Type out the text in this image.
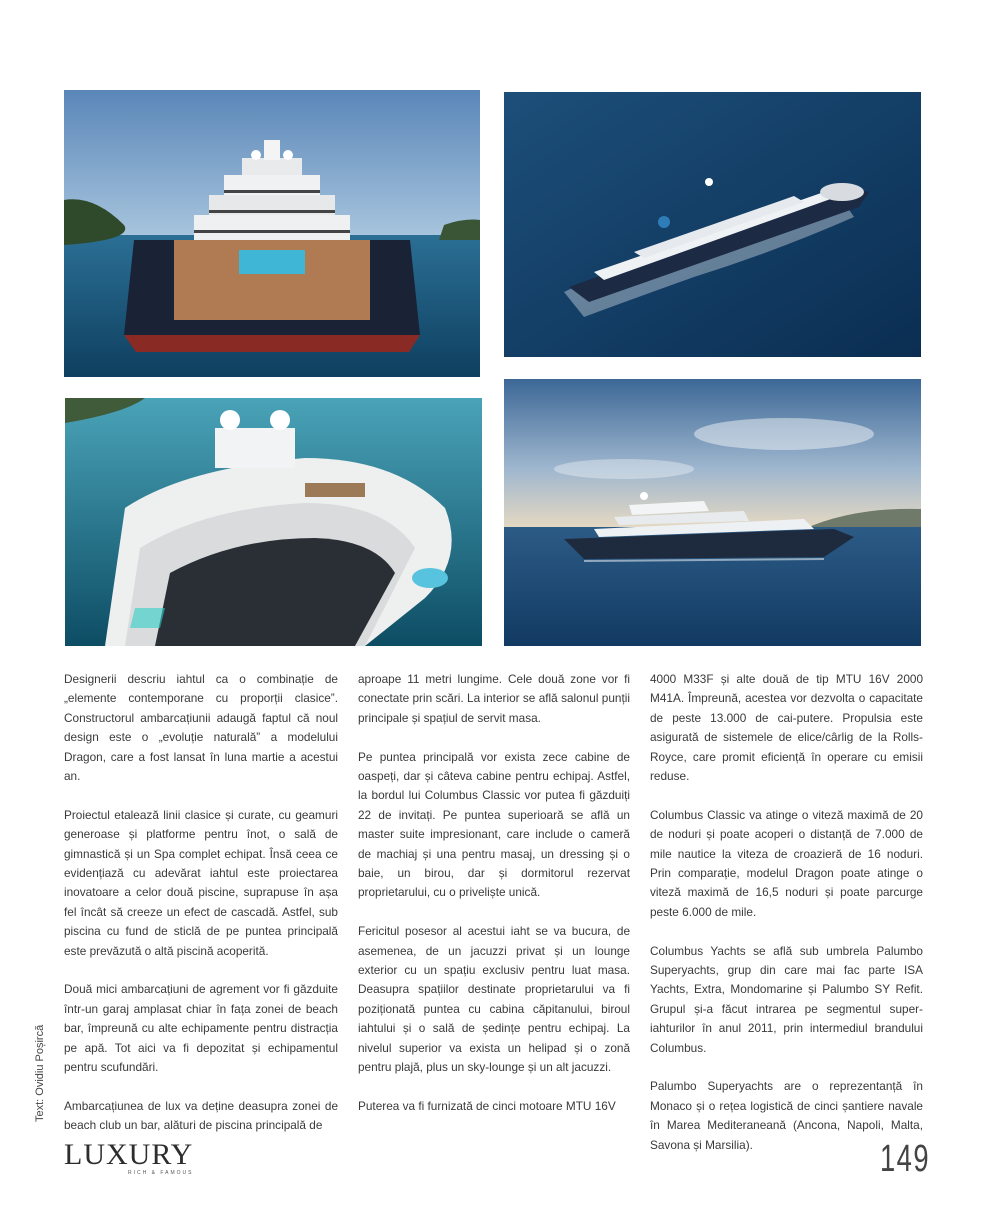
Designerii descriu iahtul ca o combinație de „elemente contemporane cu proporții clasice”. Constructorul ambarcațiunii adaugă faptul că noul design este o „evoluție naturală” a modelului Dragon, care a fost lansat în luna martie a acestui an.

Proiectul etalează linii clasice și curate, cu geamuri generoase și platforme pentru înot, o sală de gimnastică și un Spa complet echipat. Însă ceea ce evidențiază cu adevărat iahtul este proiectarea inovatoare a celor două piscine, suprapuse în așa fel încât să creeze un efect de cascadă. Astfel, sub piscina cu fund de sticlă de pe puntea principală este prevăzută o altă piscină acoperită.

Două mici ambarcațiuni de agrement vor fi găzduite într-un garaj amplasat chiar în fața zonei de beach bar, împreună cu alte echipamente pentru distracția pe apă. Tot aici va fi depozitat și echipamentul pentru scufundări.

Ambarcațiunea de lux va deține deasupra zonei de beach club un bar, alături de piscina principală de

aproape 11 metri lungime. Cele două zone vor fi conectate prin scări. La interior se află salonul punții principale și spațiul de servit masa.

Pe puntea principală vor exista zece cabine de oaspeți, dar și câteva cabine pentru echipaj. Astfel, la bordul lui Columbus Classic vor putea fi găzduiți 22 de invitați. Pe puntea superioară se află un master suite impresionant, care include o cameră de machiaj și una pentru masaj, un dressing și o baie, un birou, dar și dormitorul rezervat proprietarului, cu o priveliște unică.

Fericitul posesor al acestui iaht se va bucura, de asemenea, de un jacuzzi privat și un lounge exterior cu un spațiu exclusiv pentru luat masa. Deasupra spațiilor destinate proprietarului va fi poziționată puntea cu cabina căpitanului, biroul iahtului și o sală de ședințe pentru echipaj. La nivelul superior va exista un helipad și o zonă pentru plajă, plus un sky-lounge și un alt jacuzzi.

Puterea va fi furnizată de cinci motoare MTU 16V

4000 M33F și alte două de tip MTU 16V 2000 M41A. Împreună, acestea vor dezvolta o capacitate de peste 13.000 de cai-putere. Propulsia este asigurată de sistemele de elice/cârlig de la Rolls-Royce, care promit eficiență în operare cu emisii reduse.

Columbus Classic va atinge o viteză maximă de 20 de noduri și poate acoperi o distanță de 7.000 de mile nautice la viteza de croazieră de 16 noduri. Prin comparație, modelul Dragon poate atinge o viteză maximă de 16,5 noduri și poate parcurge peste 6.000 de mile.

Columbus Yachts se află sub umbrela Palumbo Superyachts, grup din care mai fac parte ISA Yachts, Extra, Mondomarine și Palumbo SY Refit. Grupul și-a făcut intrarea pe segmentul super-iahturilor în anul 2011, prin intermediul brandului Columbus.

Palumbo Superyachts are o reprezentanță în Monaco și o rețea logistică de cinci șantiere navale în Marea Mediteraneană (Ancona, Napoli, Malta, Savona și Marsilia).

Text: Ovidiu Poșircă
LUXURY
RICH & FAMOUS	149
